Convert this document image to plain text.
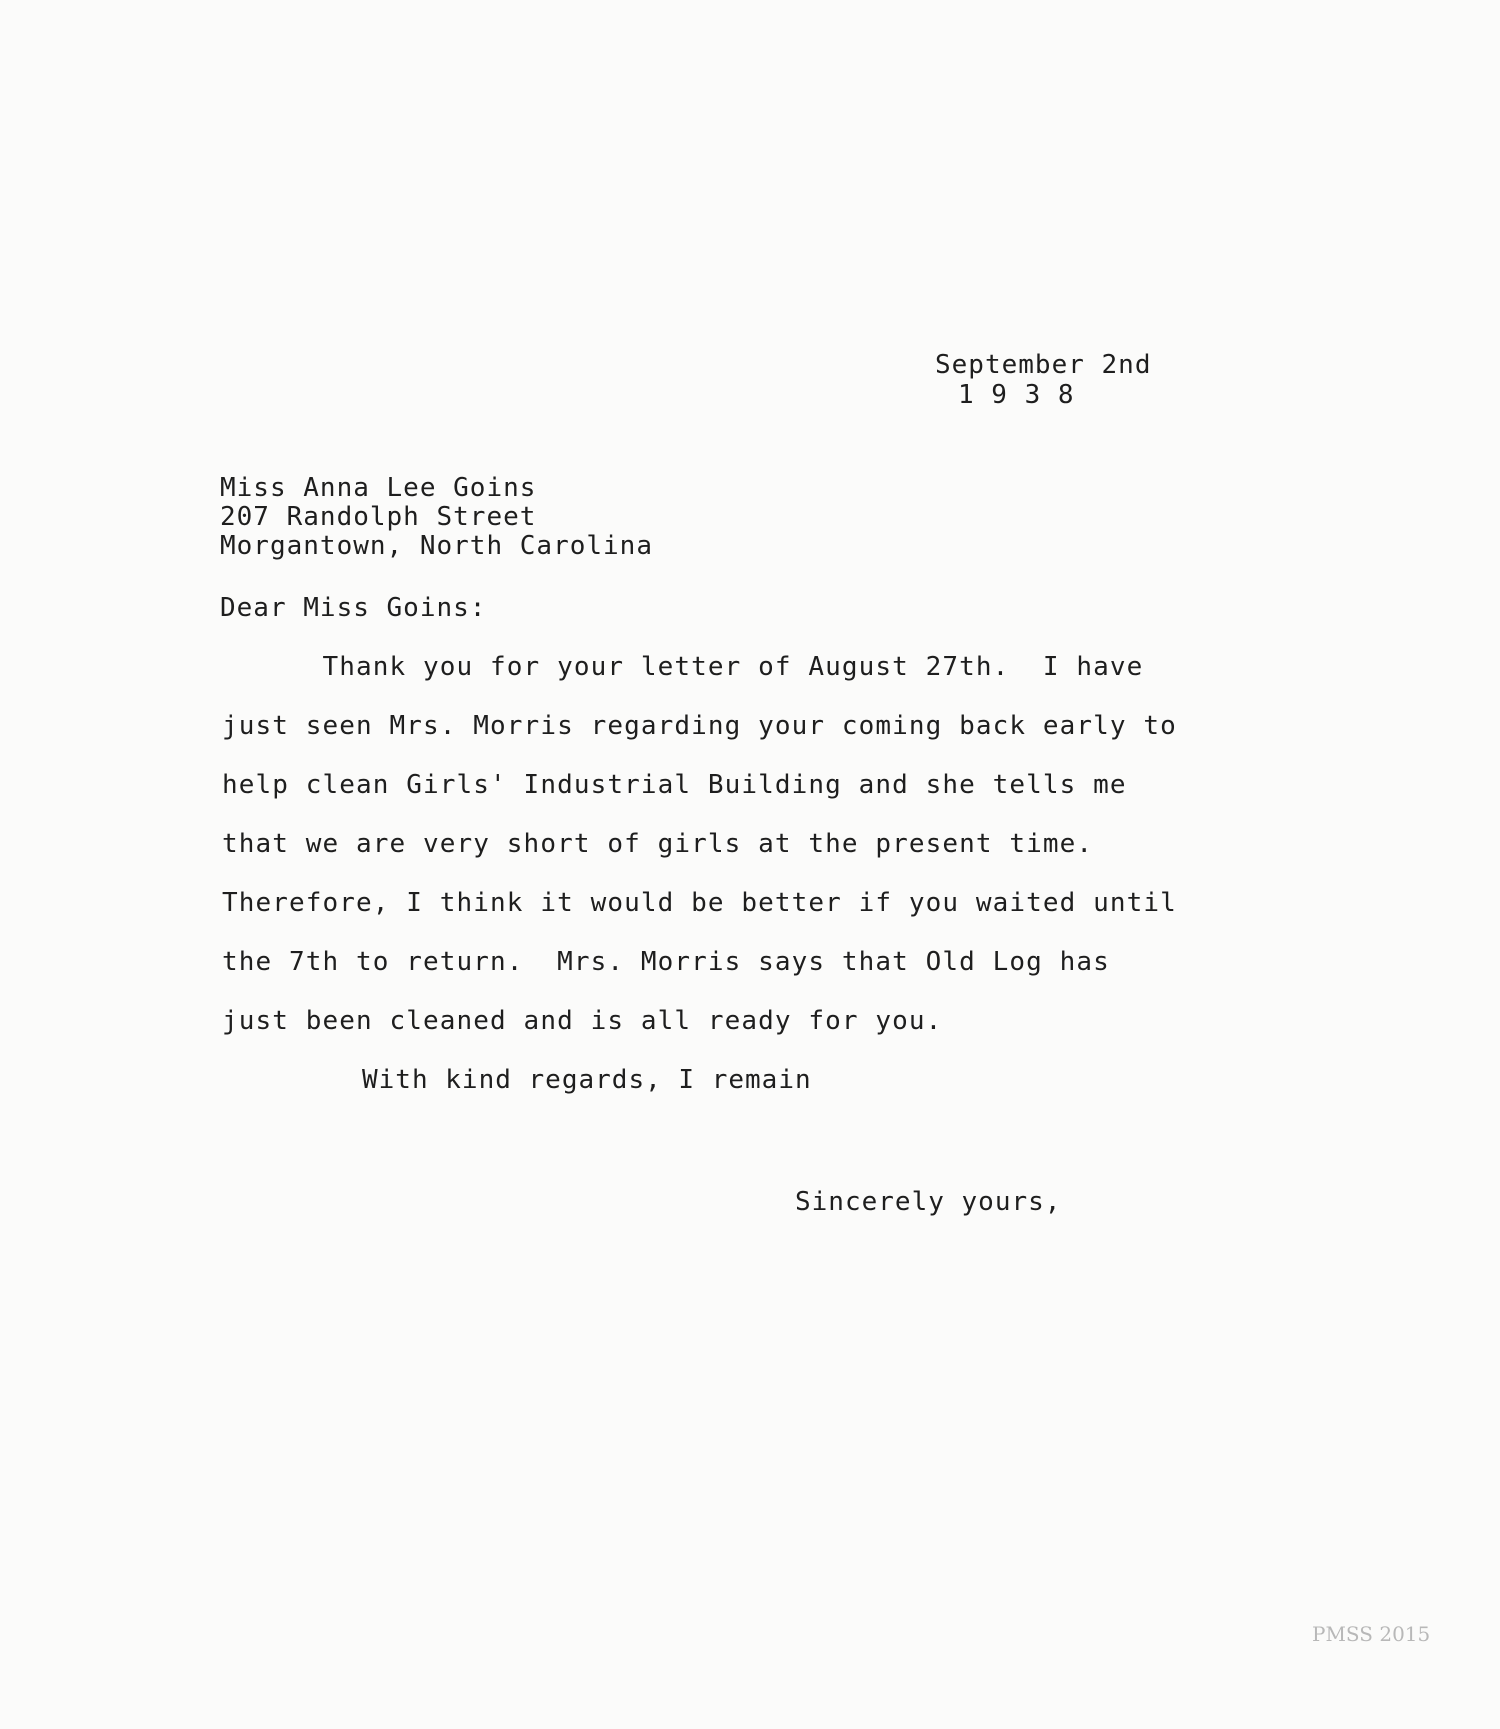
September 2nd
1 9 3 8
Miss Anna Lee Goins
207 Randolph Street
Morgantown, North Carolina
Dear Miss Goins:
Thank you for your letter of August 27th.  I have
just seen Mrs. Morris regarding your coming back early to
help clean Girls' Industrial Building and she tells me
that we are very short of girls at the present time.
Therefore, I think it would be better if you waited until
the 7th to return.  Mrs. Morris says that Old Log has
just been cleaned and is all ready for you.
With kind regards, I remain
Sincerely yours,
PMSS 2015
